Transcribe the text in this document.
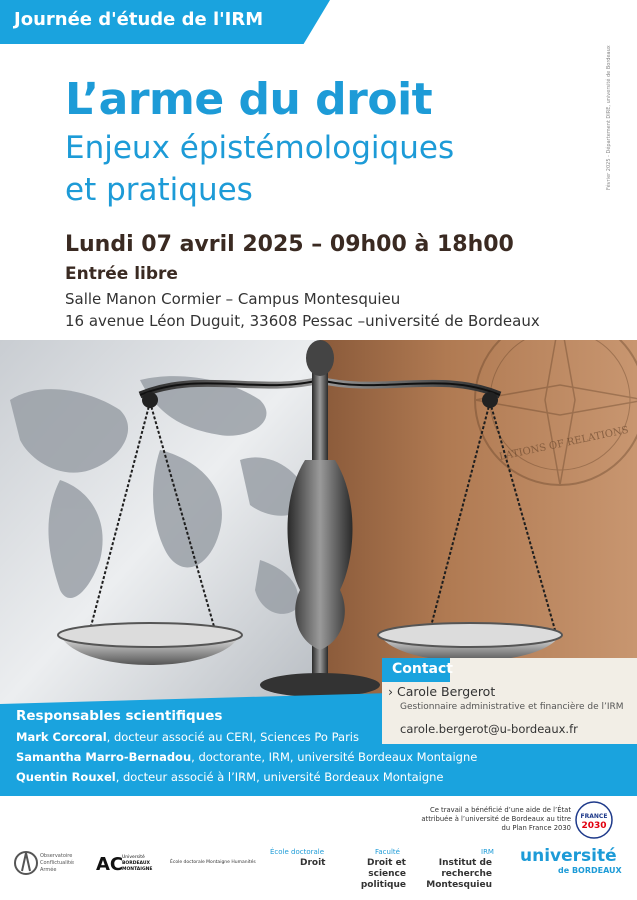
Journée d'étude de l'IRM
L’arme du droit
Enjeux épistémologiques
et pratiques
Lundi 07 avril 2025 – 09h00 à 18h00
Entrée libre
Salle Manon Cormier – Campus Montesquieu
16 avenue Léon Duguit, 33608 Pessac –université de Bordeaux
Février 2025 - Département DIRE, université de Bordeaux
LATIONS OF RELATIONS
Responsables scientifiques
Mark Corcoral, docteur associé au CERI, Sciences Po Paris
Samantha Marro-Bernadou, doctorante, IRM, université Bordeaux Montaigne
Quentin Rouxel, docteur associé à l’IRM, université Bordeaux Montaigne
Contact
› Carole Bergerot
Gestionnaire administrative et financière de l’IRM
carole.bergerot@u-bordeaux.fr
Ce travail a bénéficié d’une aide de l’État attribuée à l’université de Bordeaux au titre du Plan France 2030
FRANCE
2030
Observatoire
Conflictualités
Armée AC
Université
BORDEAUX
MONTAIGNE
École doctorale Montaigne Humanités
École doctorale
Droit
Faculté
Droit et science politique
IRM
Institut de recherche Montesquieu
université
de BORDEAUX
